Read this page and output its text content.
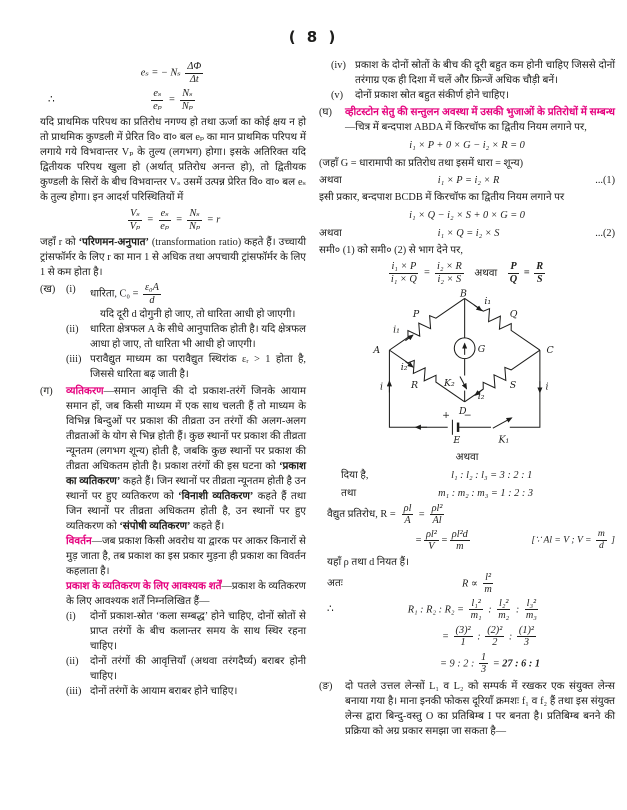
( 8 )
eₛ = − Nₛ $\frac{\Delta\Phi}{\Delta t}$
∴	$\frac{\text{eₛ}}{\text{eₚ}} = \frac{\text{Nₛ}}{\text{Nₚ}}$

यदि प्राथमिक परिपथ का प्रतिरोध नगण्य हो तथा ऊर्जा का कोई क्षय न हो तो प्राथमिक कुण्डली में प्रेरित वि० वा० बल eₚ का मान प्राथमिक परिपथ में लगाये गये विभवान्तर Vₚ के तुल्य (लगभग) होगा। इसके अतिरिक्त यदि द्वितीयक परिपथ खुला हो (अर्थात् प्रतिरोध अनन्त हो), तो द्वितीयक कुण्डली के सिरों के बीच विभवान्तर Vₛ उसमें उत्पन्न प्रेरित वि० वा० बल eₛ के तुल्य होगा। इन आदर्श परिस्थितियों में

$\frac{\text{Vₛ}}{\text{Vₚ}} = \frac{\text{eₛ}}{\text{eₚ}} = \frac{\text{Nₛ}}{\text{Nₚ}} = r$

जहाँ r को ‘परिणमन-अनुपात’ (transformation ratio) कहते हैं। उच्चायी ट्रांसफॉर्मर के लिए r का मान 1 से अधिक तथा अपचायी ट्रांसफॉर्मर के लिए 1 से कम होता है।

(ख)	(i)	धारिता, $C_0 = \frac{\text{ε₀A}}{d}$
यदि दूरी d दोगुनी हो जाए, तो धारिता आधी हो जाएगी।
(ii)	धारिता क्षेत्रफल A के सीधे आनुपातिक होती है। यदि क्षेत्रफल आधा हो जाए, तो धारिता भी आधी हो जाएगी।
(iii) परावैद्युत माध्यम का परावैद्युत स्थिरांक εᵣ > 1 होता है, जिससे धारिता बढ़ जाती है।
(ग)	व्यतिकरण—समान आवृत्ति की दो प्रकाश-तरंगें जिनके आयाम समान हों, जब किसी माध्यम में एक साथ चलती हैं तो माध्यम के विभिन्न बिन्दुओं पर प्रकाश की तीव्रता उन तरंगों की अलग-अलग तीव्रताओं के योग से भिन्न होती हैं। कुछ स्थानों पर प्रकाश की तीव्रता न्यूनतम (लगभग शून्य) होती है, जबकि कुछ स्थानों पर प्रकाश की तीव्रता अधिकतम होती है। प्रकाश तरंगों की इस घटना को ‘प्रकाश का व्यतिकरण’ कहते हैं। जिन स्थानों पर तीव्रता न्यूनतम होती है उन स्थानों पर हुए व्यतिकरण को ‘विनाशी व्यतिकरण’ कहते हैं तथा जिन स्थानों पर तीव्रता अधिकतम होती है, उन स्थानों पर हुए व्यतिकरण को ‘संपोषी व्यतिकरण’ कहते हैं।
विवर्तन—जब प्रकाश किसी अवरोध या द्वारक पर आकर किनारों से मुड़ जाता है, तब प्रकाश का इस प्रकार मुड़ना ही प्रकाश का विवर्तन कहलाता है।
प्रकाश के व्यतिकरण के लिए आवश्यक शर्तें—प्रकाश के व्यतिकरण के लिए आवश्यक शर्तें निम्नलिखित हैं—
(i)	दोनों प्रकाश-स्रोत ‘कला सम्बद्ध’ होने चाहिए, दोनों स्रोतों से प्राप्त तरंगों के बीच कलान्तर समय के साथ स्थिर रहना चाहिए।
(ii)	दोनों तरंगों की आवृत्तियाँ (अथवा तरंगदैर्घ्य) बराबर होनी चाहिए।
(iii) दोनों तरंगों के आयाम बराबर होने चाहिए।
(iv) प्रकाश के दोनों स्रोतों के बीच की दूरी बहुत कम होनी चाहिए जिससे दोनों तरंगाग्र एक ही दिशा में चलें और फ्रिन्जें अधिक चौड़ी बनें।
(v)	दोनों प्रकाश स्रोत बहुत संकीर्ण होने चाहिए।
(घ)	व्हीटस्टोन सेतु की सन्तुलन अवस्था में उसकी भुजाओं के प्रतिरोधों में सम्बन्ध—चित्र में बन्दपाश ABDA में किरचॉफ का द्वितीय नियम लगाने पर,
i₁ × P + 0 × G − i₂ × R = 0
(जहाँ G = धारामापी का प्रतिरोध तथा इसमें धारा = शून्य)
अथवा	i₁ × P = i₂ × R	...(1)

इसी प्रकार, बन्दपाश BCDB में किरचॉफ का द्वितीय नियम लगाने पर

i₁ × Q − i₂ × S + 0 × G = 0
अथवा	i₁ × Q = i₂ × S	...(2)

समी० (1) को समी० (2) से भाग देने पर,

$\frac{\text{i₁ × P}}{\text{i₁ × Q}} = \frac{\text{i₂ × R}}{\text{i₂ × S}}$ अथवा $\frac{P}{Q} = \frac{R}{S}$
A
B
C
D
P	Q
R	S
G
i₁
i₁
i₂
i₂
i	i
K₂
K₁
E
+ −
अथवा
दिया है,	l₁ : l₂ : l₃ = 3 : 2 : 1
तथा	m₁ : m₂ : m₃ = 1 : 2 : 3
वैद्युत प्रतिरोध, $R = \frac{\rho l}{A} = \frac{\text{ρl²}}{Al}$
= $\frac{\text{ρl²}}{V} = \frac{\text{ρl²d}}{m}$	[∵ Al = V ; $V = \frac{m}{d}$ ]

यहाँ ρ तथा d नियत हैं।

अतः	$R \propto \frac{\text{l²}}{m}$
∴	R₁ : R₂ : $R_2 = \frac{\text{l₁²}}{\text{m₁}}$ : $\frac{\text{l₂²}}{\text{m₂}}$ : $\frac{\text{l₃²}}{\text{m₃}}$
= $\frac{\text{(3)²}}{1}$ : $\frac{\text{(2)²}}{2}$ : $\frac{\text{(1)²}}{3}$
= 9 : 2 : $\frac{1}{3} = 27$ : 6 : 1
(ङ)	दो पतले उत्तल लेन्सों L₁ व L₂ को सम्पर्क में रखकर एक संयुक्त लेन्स बनाया गया है। माना इनकी फोकस दूरियाँ क्रमशः f₁ व f₂ हैं तथा इस संयुक्त लेन्स द्वारा बिन्दु-वस्तु O का प्रतिबिम्ब I पर बनता है। प्रतिबिम्ब बनने की प्रक्रिया को अग्र प्रकार समझा जा सकता है—
